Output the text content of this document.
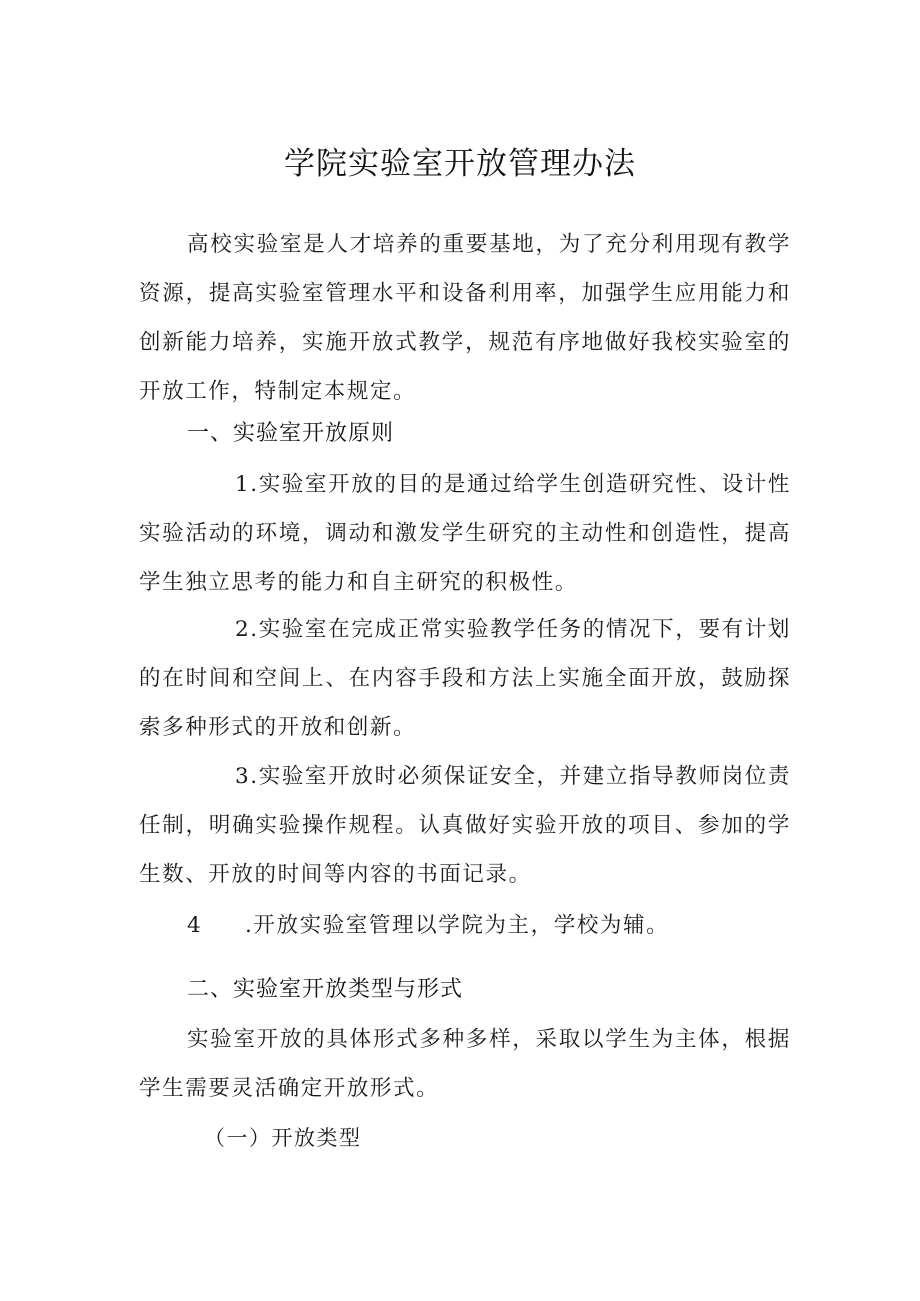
学院实验室开放管理办法

高校实验室是人才培养的重要基地，为了充分利用现有教学资源，提高实验室管理水平和设备利用率，加强学生应用能力和创新能力培养，实施开放式教学，规范有序地做好我校实验室的开放工作，特制定本规定。

一、实验室开放原则

1.实验室开放的目的是通过给学生创造研究性、设计性实验活动的环境，调动和激发学生研究的主动性和创造性，提高学生独立思考的能力和自主研究的积极性。

2.实验室在完成正常实验教学任务的情况下，要有计划的在时间和空间上、在内容手段和方法上实施全面开放，鼓励探索多种形式的开放和创新。

3.实验室开放时必须保证安全，并建立指导教师岗位责任制，明确实验操作规程。认真做好实验开放的项目、参加的学生数、开放的时间等内容的书面记录。

4 .开放实验室管理以学院为主，学校为辅。

二、实验室开放类型与形式

实验室开放的具体形式多种多样，采取以学生为主体，根据学生需要灵活确定开放形式。

（一）开放类型
